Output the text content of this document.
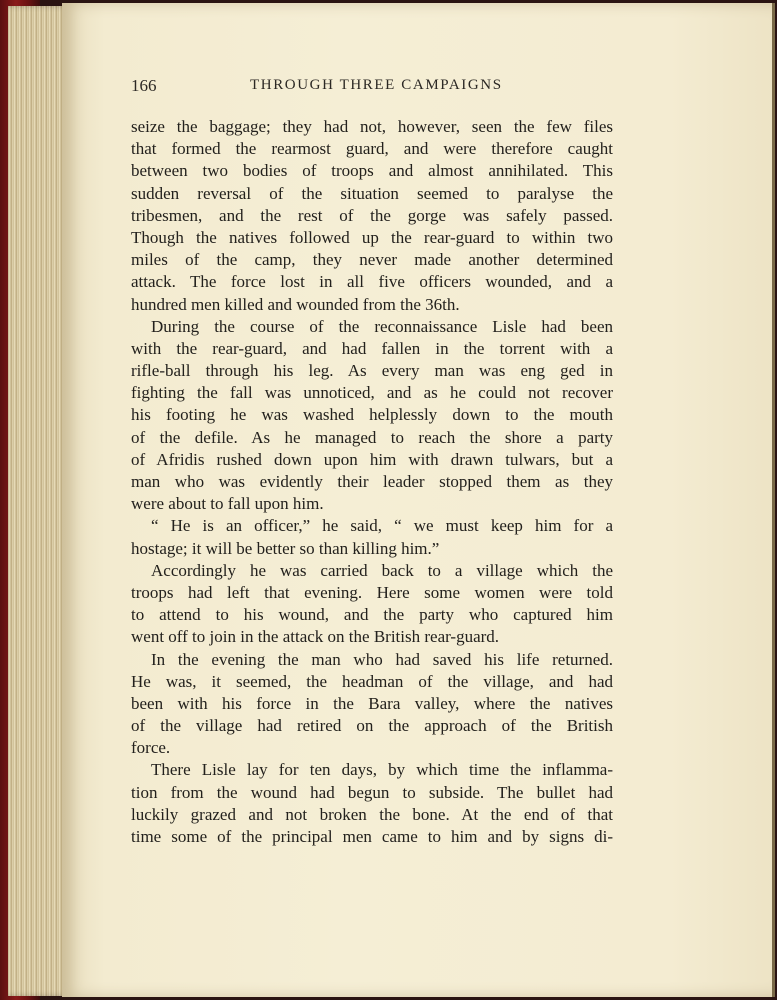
166	THROUGH THREE CAMPAIGNS
seize the baggage; they had not, however, seen the few files
that formed the rearmost guard, and were therefore caught
between two bodies of troops and almost annihilated. This
sudden reversal of the situation seemed to paralyse the
tribesmen, and the rest of the gorge was safely passed.
Though the natives followed up the rear-guard to within two
miles of the camp, they never made another determined
attack. The force lost in all five officers wounded, and a
hundred men killed and wounded from the 36th.
During the course of the reconnaissance Lisle had been
with the rear-guard, and had fallen in the torrent with a
rifle-ball through his leg. As every man was eng ged in
fighting the fall was unnoticed, and as he could not recover
his footing he was washed helplessly down to the mouth
of the defile. As he managed to reach the shore a party
of Afridis rushed down upon him with drawn tulwars, but a
man who was evidently their leader stopped them as they
were about to fall upon him.
“ He is an officer,” he said, “ we must keep him for a
hostage; it will be better so than killing him.”
Accordingly he was carried back to a village which the
troops had left that evening. Here some women were told
to attend to his wound, and the party who captured him
went off to join in the attack on the British rear-guard.
In the evening the man who had saved his life returned.
He was, it seemed, the headman of the village, and had
been with his force in the Bara valley, where the natives
of the village had retired on the approach of the British
force.
There Lisle lay for ten days, by which time the inflamma-
tion from the wound had begun to subside. The bullet had
luckily grazed and not broken the bone. At the end of that
time some of the principal men came to him and by signs di-
